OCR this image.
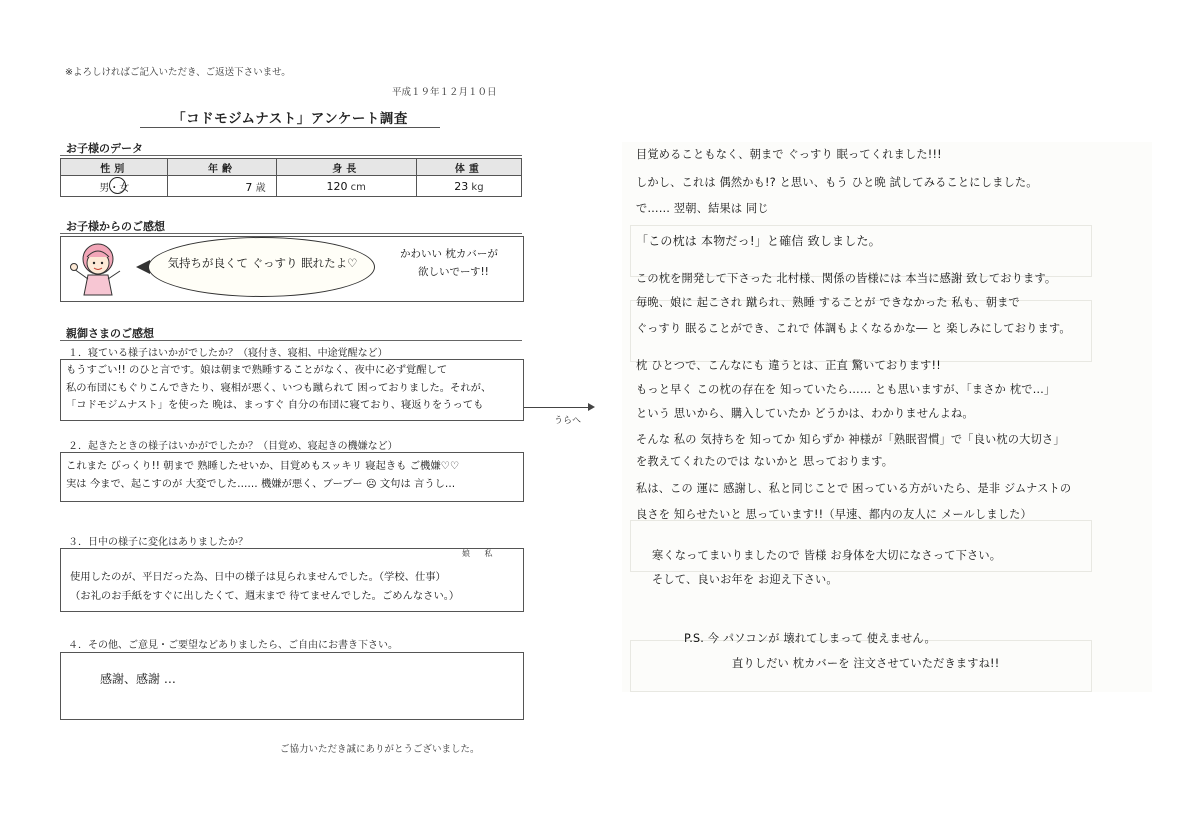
※よろしければご記入いただき、ご返送下さいませ。
平成１９年１２月１０日
「コドモジムナスト」アンケート調査
お子様のデータ
性別	年齢	身長	体重
男・女	7 歳	120 cm	23 kg
お子様からのご感想
気持ちが良くて ぐっすり 眠れたよ♡
かわいい 枕カバーが
欲しいでーす!!
親御さまのご感想
１．寝ている様子はいかがでしたか？（寝付き、寝相、中途覚醒など）
もうすごい!! のひと言です。娘は朝まで熟睡することがなく、夜中に必ず覚醒して
私の布団にもぐりこんできたり、寝相が悪く、いつも蹴られて 困っておりました。それが、
「コドモジムナスト」を使った 晩は、まっすぐ 自分の布団に寝ており、寝返りをうっても
２．起きたときの様子はいかがでしたか？（目覚め、寝起きの機嫌など）
これまた びっくり!! 朝まで 熟睡したせいか、目覚めもスッキリ 寝起きも ご機嫌♡♡
実は 今まで、起こすのが 大変でした…… 機嫌が悪く、ブーブー ☹ 文句は 言うし…
３．日中の様子に変化はありましたか？
娘 私
使用したのが、平日だった為、日中の様子は見られませんでした。（学校、仕事）
（お礼のお手紙をすぐに出したくて、週末まで 待てませんでした。ごめんなさい。）
４．その他、ご意見・ご要望などありましたら、ご自由にお書き下さい。
感謝、感謝 …
ご協力いただき誠にありがとうございました。
うらへ
目覚めることもなく、朝まで ぐっすり 眠ってくれました!!!
しかし、これは 偶然かも!? と思い、もう ひと晩 試してみることにしました。
で…… 翌朝、結果は 同じ
「この枕は 本物だっ!」と確信 致しました。
この枕を開発して下さった 北村様、関係の皆様には 本当に感謝 致しております。
毎晩、娘に 起こされ 蹴られ、熟睡 することが できなかった 私も、朝まで
ぐっすり 眠ることができ、これで 体調もよくなるかな― と 楽しみにしております。
枕 ひとつで、こんなにも 違うとは、正直 驚いております!!
もっと早く この枕の存在を 知っていたら…… とも思いますが、「まさか 枕で…」
という 思いから、購入していたか どうかは、わかりませんよね。
そんな 私の 気持ちを 知ってか 知らずか 神様が「熟眠習慣」で「良い枕の大切さ」
を教えてくれたのでは ないかと 思っております。
私は、この 運に 感謝し、私と同じことで 困っている方がいたら、是非 ジムナストの
良さを 知らせたいと 思っています!!（早速、都内の友人に メールしました）
寒くなってまいりましたので 皆様 お身体を大切になさって下さい。
そして、良いお年を お迎え下さい。
P.S. 今 パソコンが 壊れてしまって 使えません。
直りしだい 枕カバーを 注文させていただきますね!!
